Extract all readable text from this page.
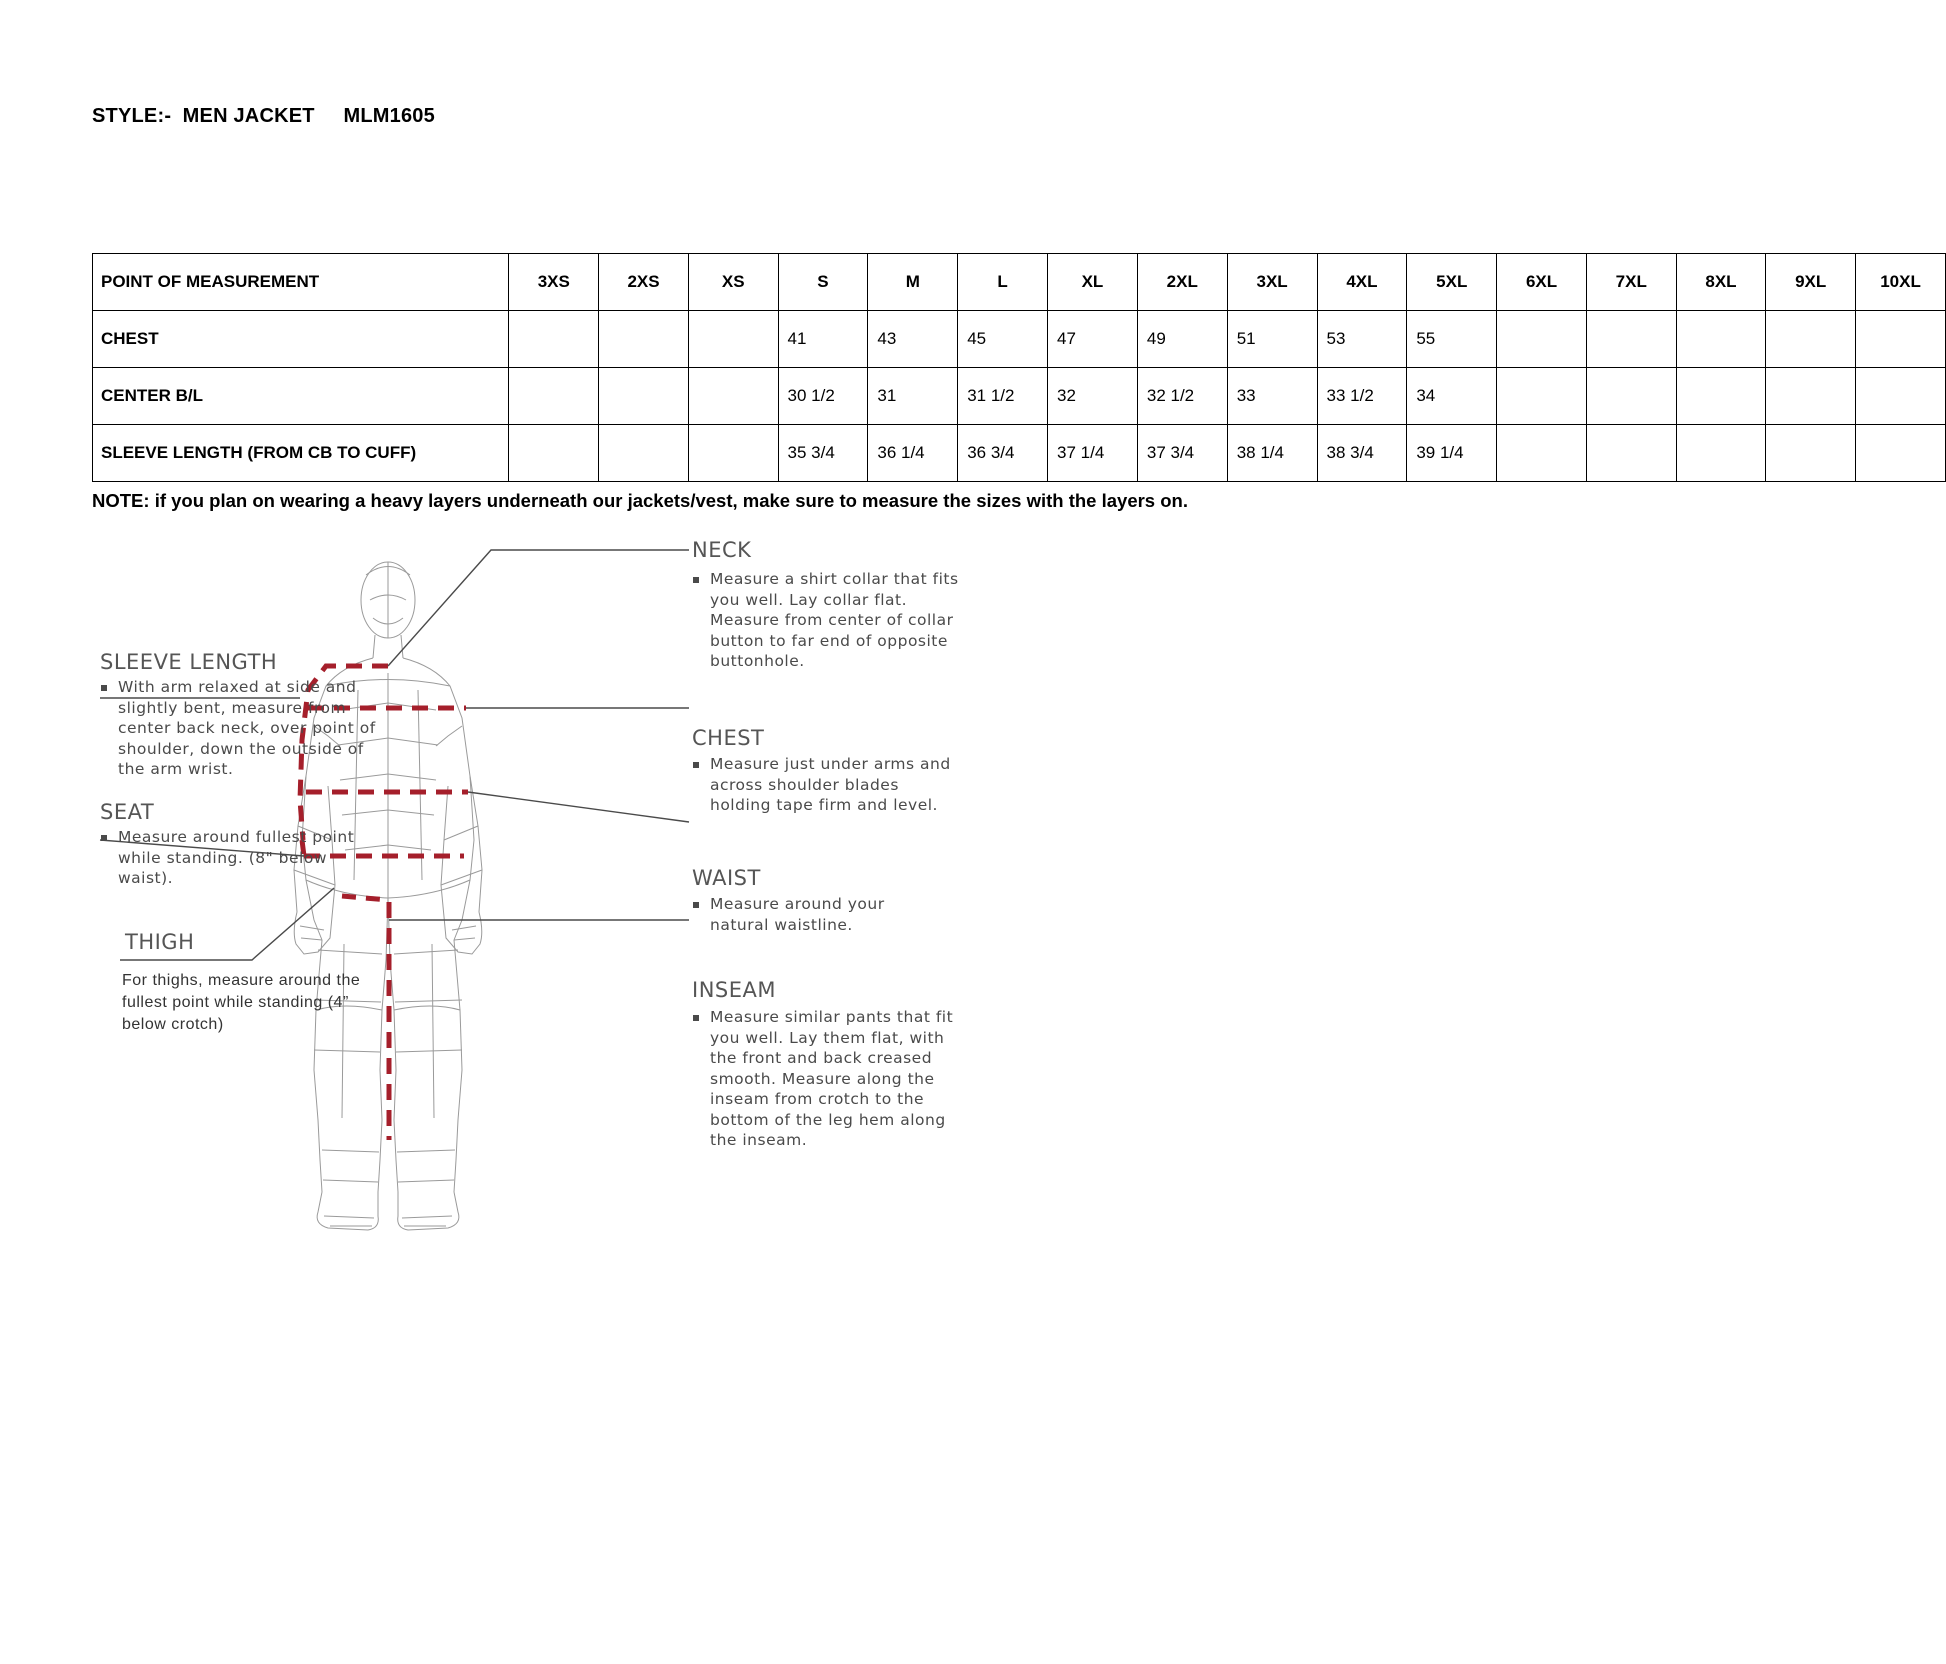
STYLE:-  MEN JACKET     MLM1605
POINT OF MEASUREMENT	3XS	2XS	XS	S	M	L	XL	2XL	3XL	4XL	5XL	6XL	7XL	8XL	9XL	10XL
CHEST				41	43	45	47	49	51	53	55					
CENTER B/L				30 1/2	31	31 1/2	32	32 1/2	33	33 1/2	34					
SLEEVE LENGTH (FROM CB TO CUFF)				35 3/4	36 1/4	36 3/4	37 1/4	37 3/4	38 1/4	38 3/4	39 1/4					
NOTE: if you plan on wearing a heavy layers underneath our jackets/vest, make sure to measure the sizes with the layers on.
SLEEVE LENGTH
With arm relaxed at side and slightly bent, measure from center back neck, over point of shoulder, down the outside of the arm wrist.
SEAT
Measure around fullest point while standing. (8" below waist).
THIGH
For thighs, measure around the fullest point while standing (4” below crotch)
NECK
Measure a shirt collar that fits you well. Lay collar flat. Measure from center of collar button to far end of opposite buttonhole.
CHEST
Measure just under arms and across shoulder blades holding tape firm and level.
WAIST
Measure around your natural waistline.
INSEAM
Measure similar pants that fit you well. Lay them flat, with the front and back creased smooth. Measure along the inseam from crotch to the bottom of the leg hem along the inseam.
